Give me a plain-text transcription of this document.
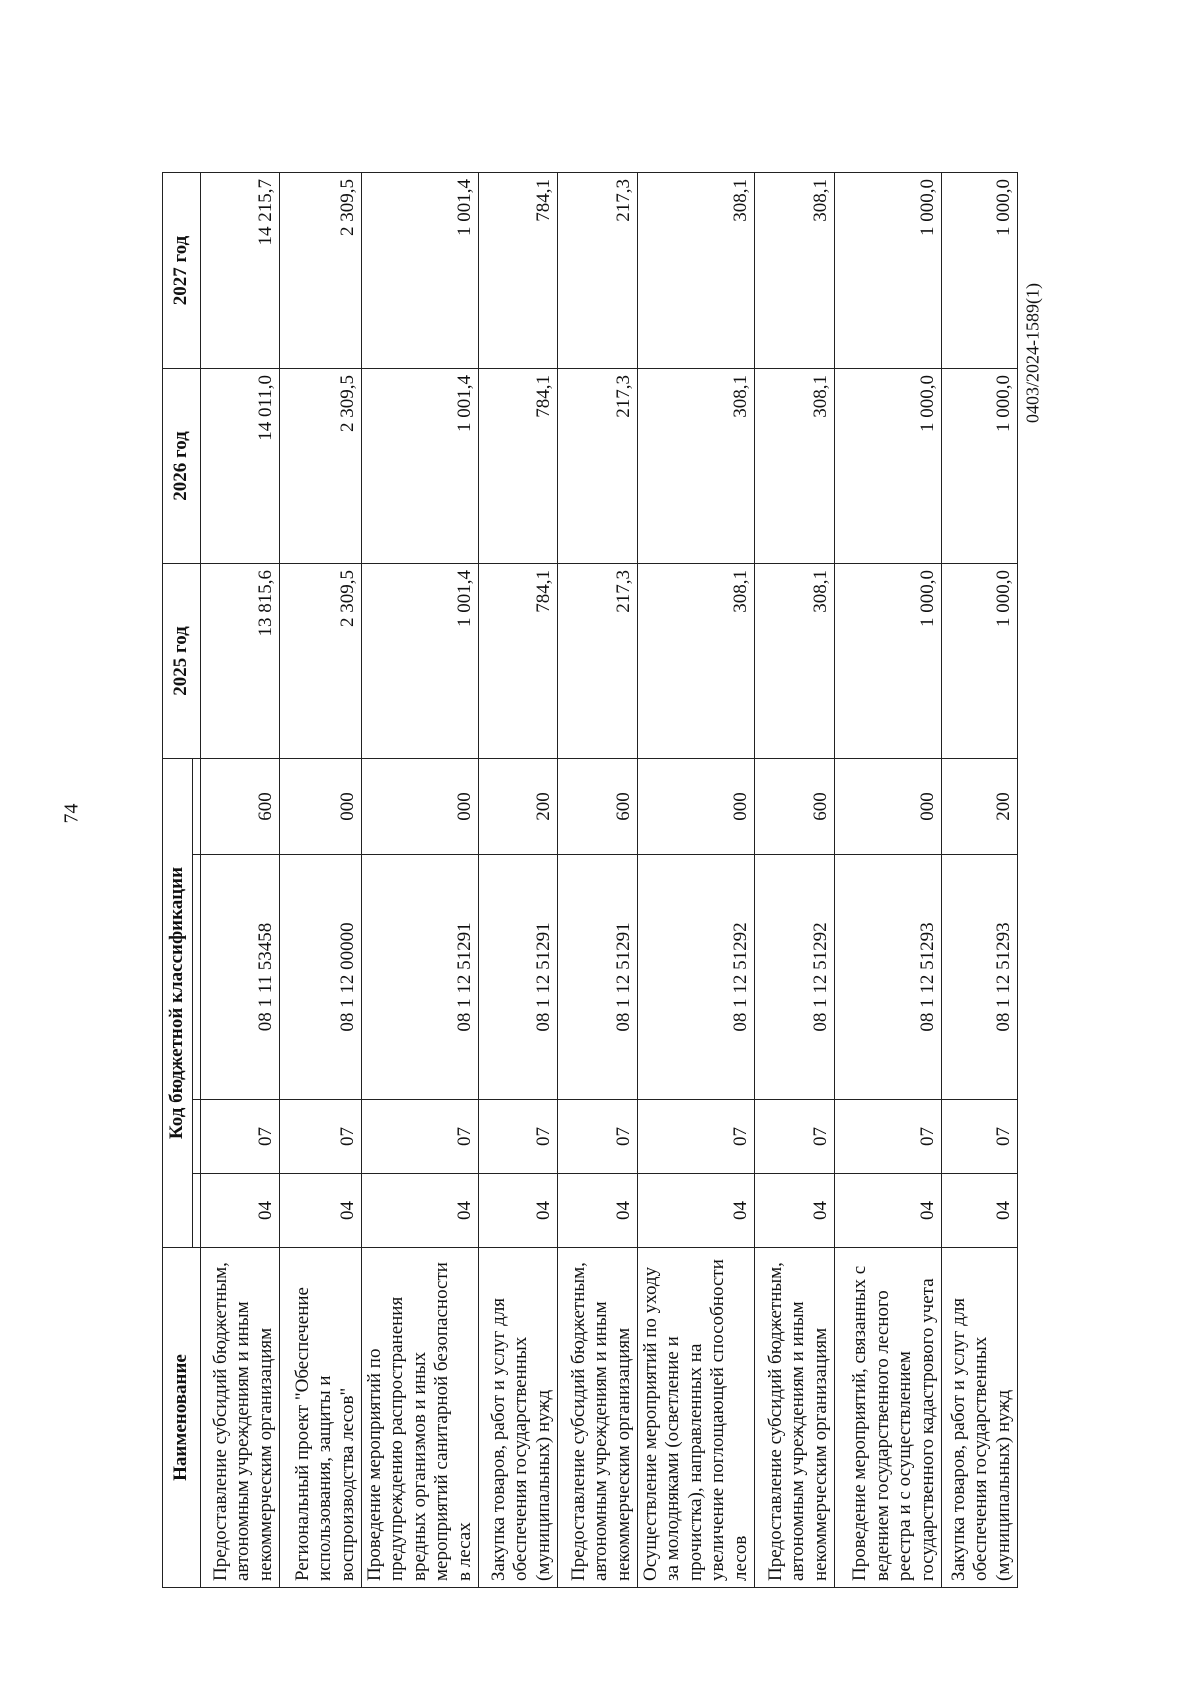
74
0403/2024-1589(1)
Наименование	Код бюджетной классификации				2025 год	2026 год	2027 год

Предоставление субсидий бюджетным, автономным учреждениям и иным некоммерческим организациям	04	07	08 1 11 53458	600	13 815,6	14 011,0	14 215,7
Региональный проект "Обеспечение использования, защиты и воспроизводства лесов"	04	07	08 1 12 00000	000	2 309,5	2 309,5	2 309,5
Проведение мероприятий по предупреждению распространения вредных организмов и иных мероприятий санитарной безопасности в лесах	04	07	08 1 12 51291	000	1 001,4	1 001,4	1 001,4
Закупка товаров, работ и услуг для обеспечения государственных (муниципальных) нужд	04	07	08 1 12 51291	200	784,1	784,1	784,1
Предоставление субсидий бюджетным, автономным учреждениям и иным некоммерческим организациям	04	07	08 1 12 51291	600	217,3	217,3	217,3
Осуществление мероприятий по уходу за молодняками (осветление и прочистка), направленных на увеличение поглощающей способности лесов	04	07	08 1 12 51292	000	308,1	308,1	308,1
Предоставление субсидий бюджетным, автономным учреждениям и иным некоммерческим организациям	04	07	08 1 12 51292	600	308,1	308,1	308,1
Проведение мероприятий, связанных с ведением государственного лесного реестра и с осуществлением государственного кадастрового учета	04	07	08 1 12 51293	000	1 000,0	1 000,0	1 000,0
Закупка товаров, работ и услуг для обеспечения государственных (муниципальных) нужд	04	07	08 1 12 51293	200	1 000,0	1 000,0	1 000,0
